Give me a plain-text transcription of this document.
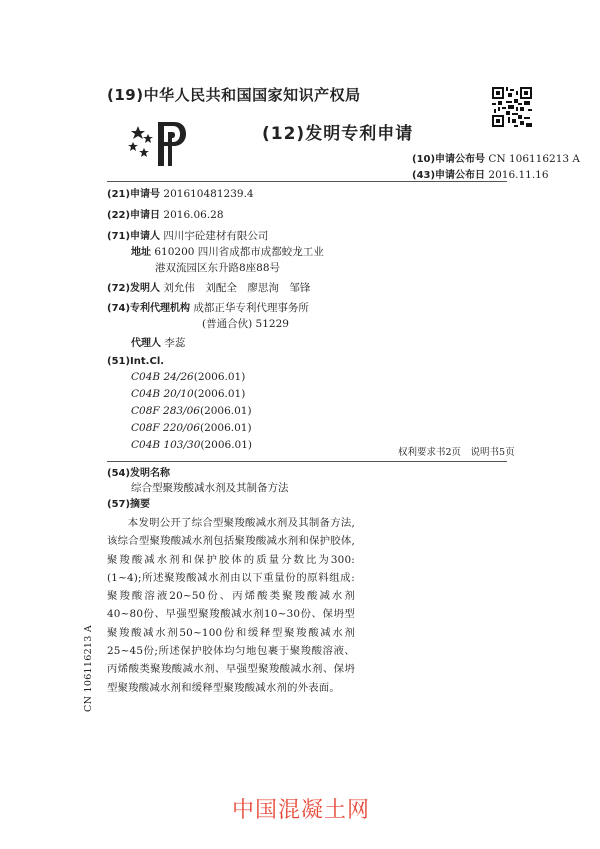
(19)中华人民共和国国家知识产权局
(12)发明专利申请
(10)申请公布号 CN 106116213 A
(43)申请公布日 2016.11.16
(21)申请号 201610481239.4
(22)申请日 2016.06.28
(71)申请人 四川宇砼建材有限公司
地址 610200 四川省成都市成都蛟龙工业
港双流园区东升路8座88号
(72)发明人 刘允伟　刘配全　廖思洵　邹锋
(74)专利代理机构 成都正华专利代理事务所
(普通合伙) 51229
代理人 李蕊
(51)Int.Cl.
C04B 24/26(2006.01)
C04B 20/10(2006.01)
C08F 283/06(2006.01)
C08F 220/06(2006.01)
C04B 103/30(2006.01)
权利要求书2页　说明书5页
(54)发明名称
综合型聚羧酸减水剂及其制备方法
(57)摘要
本发明公开了综合型聚羧酸减水剂及其制备方法,该综合型聚羧酸减水剂包括聚羧酸减水剂和保护胶体,聚羧酸减水剂和保护胶体的质量分数比为300:(1~4);所述聚羧酸减水剂由以下重量份的原料组成:聚羧酸溶液20~50份、丙烯酸类聚羧酸减水剂40~80份、早强型聚羧酸减水剂10~30份、保坍型聚羧酸减水剂50~100份和缓释型聚羧酸减水剂25~45份;所述保护胶体均匀地包裹于聚羧酸溶液、丙烯酸类聚羧酸减水剂、早强型聚羧酸减水剂、保坍型聚羧酸减水剂和缓释型聚羧酸减水剂的外表面。
CN 106116213 A
中国混凝土网
